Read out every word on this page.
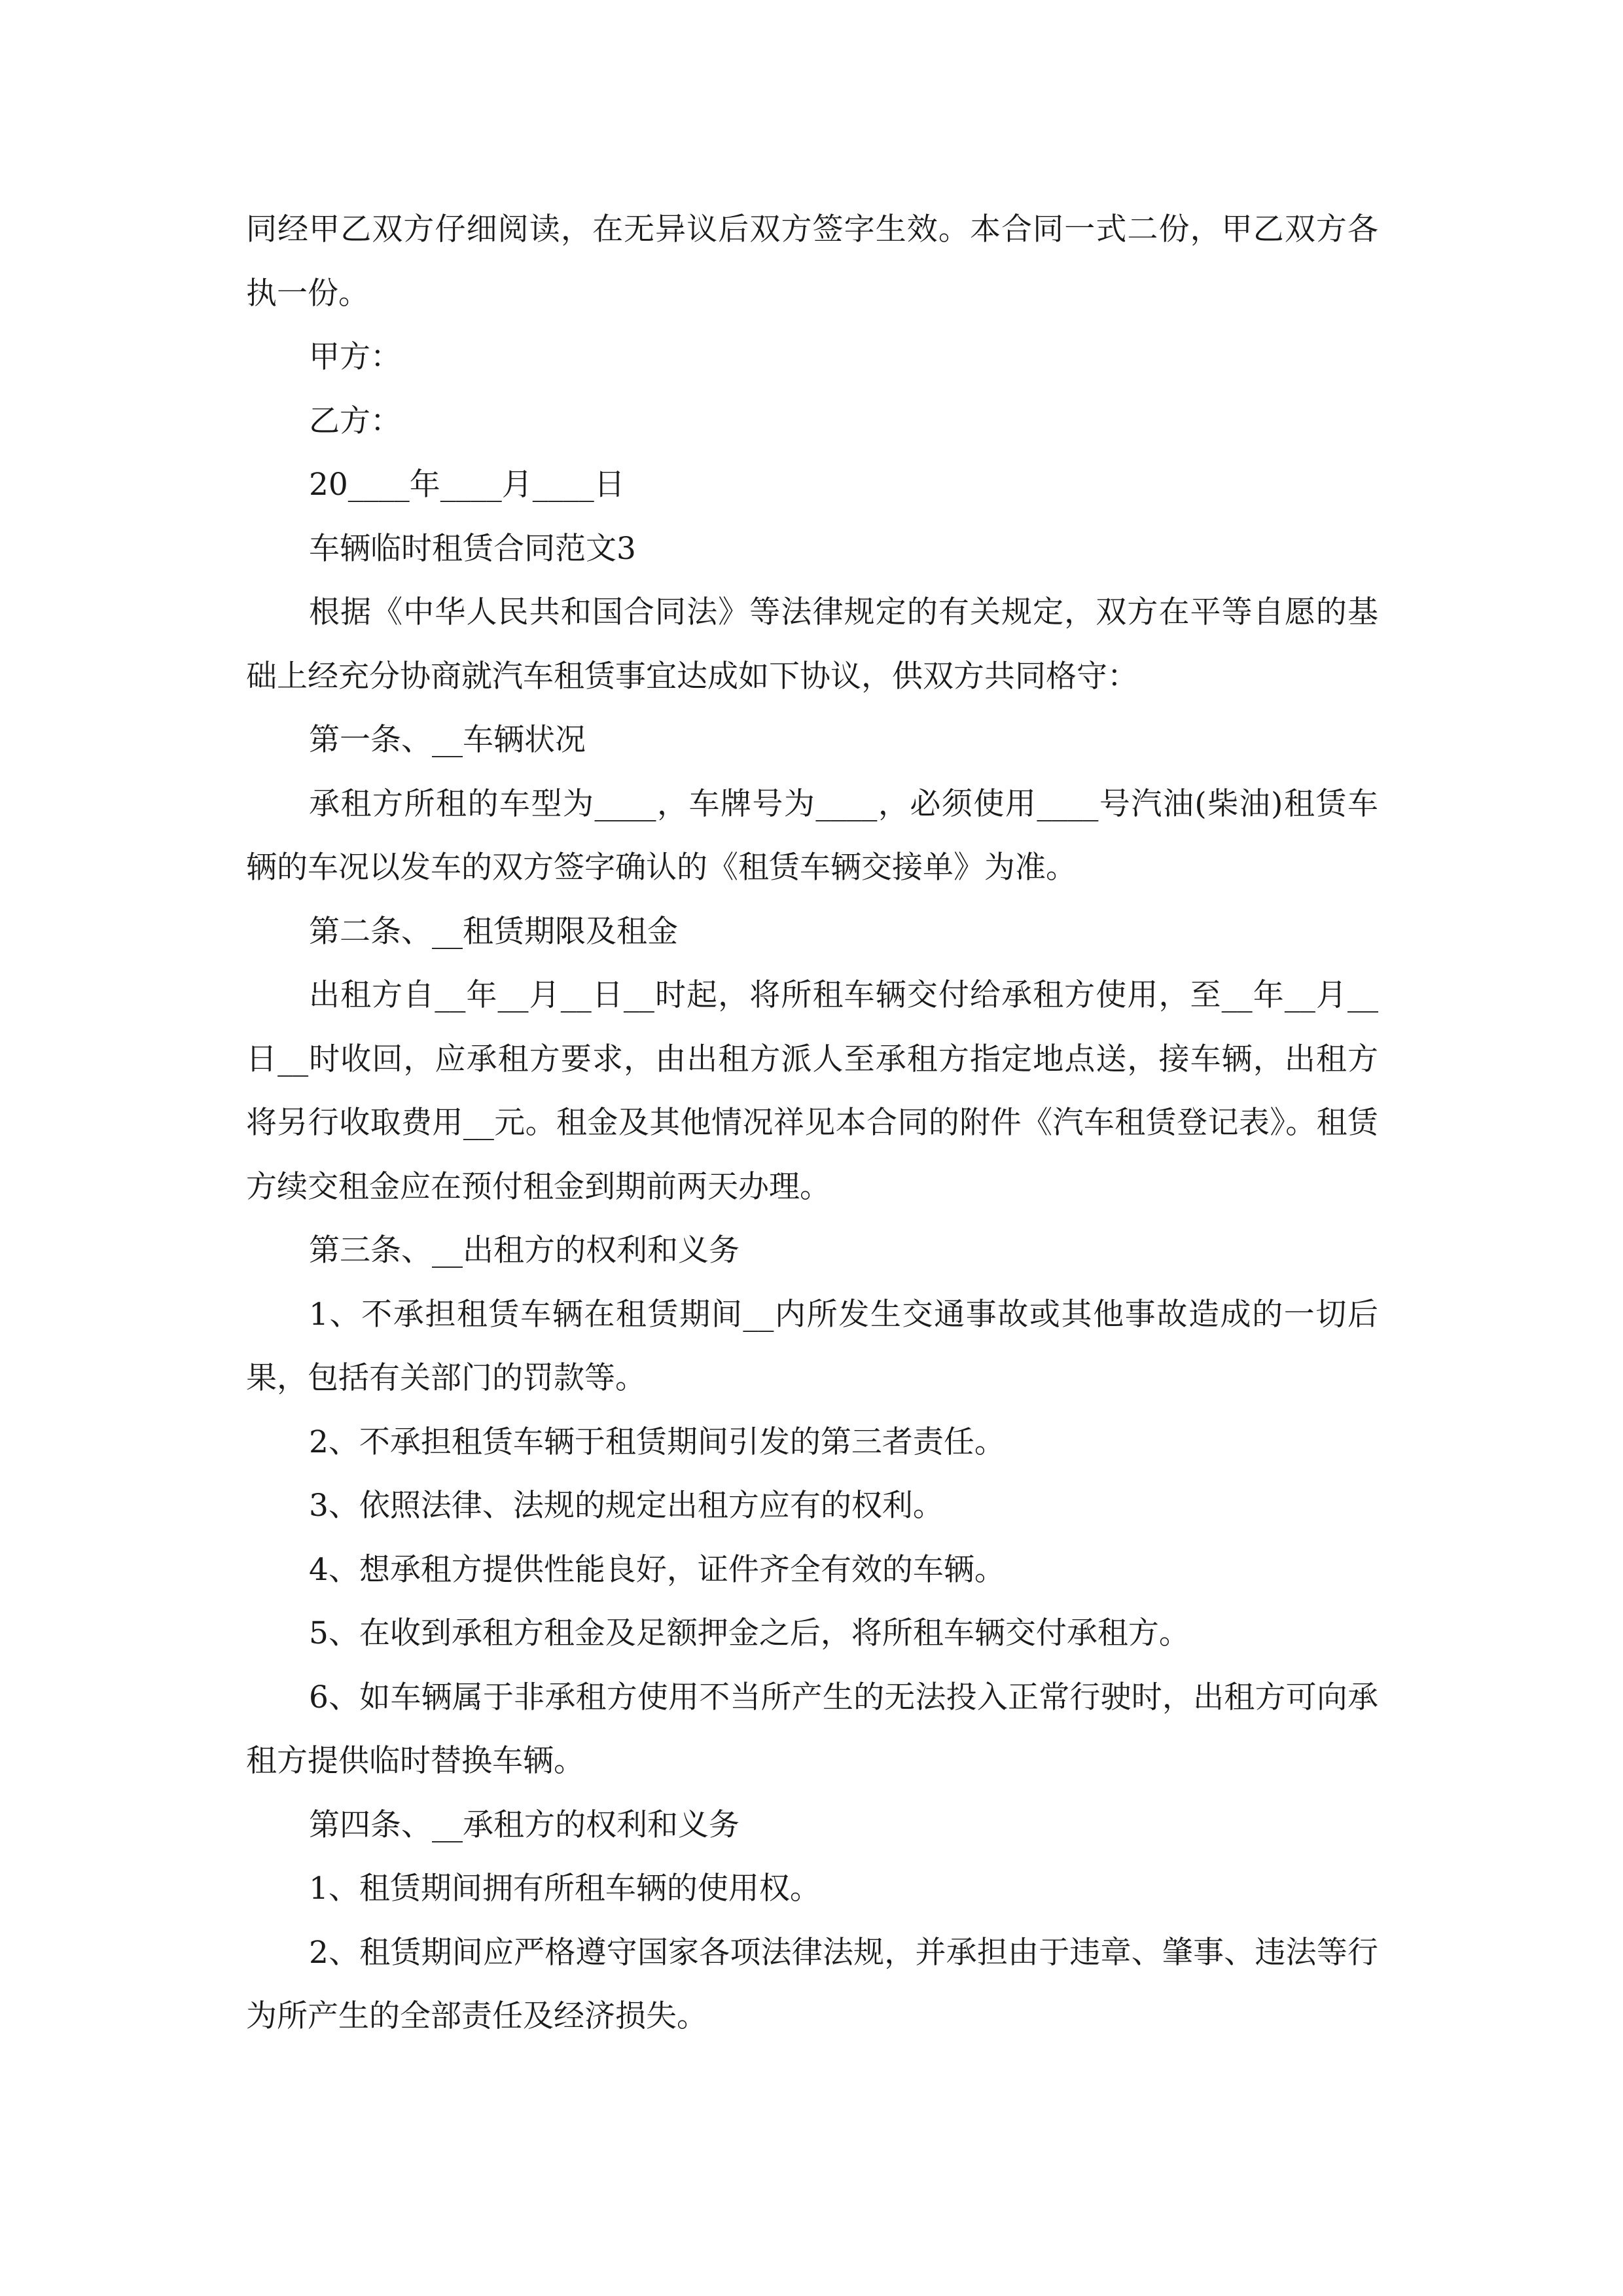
同经甲乙双方仔细阅读，在无异议后双方签字生效。本合同一式二份，甲乙双方各执一份。

甲方：

乙方：

20____年____月____日

车辆临时租赁合同范文3

根据《中华人民共和国合同法》等法律规定的有关规定，双方在平等自愿的基础上经充分协商就汽车租赁事宜达成如下协议，供双方共同格守：

第一条、__车辆状况

承租方所租的车型为____，车牌号为____，必须使用____号汽油(柴油)租赁车辆的车况以发车的双方签字确认的《租赁车辆交接单》为准。

第二条、__租赁期限及租金

出租方自__年__月__日__时起，将所租车辆交付给承租方使用，至__年__月__日__时收回，应承租方要求，由出租方派人至承租方指定地点送，接车辆，出租方将另行收取费用__元。租金及其他情况祥见本合同的附件《汽车租赁登记表》。租赁方续交租金应在预付租金到期前两天办理。

第三条、__出租方的权利和义务

1、不承担租赁车辆在租赁期间__内所发生交通事故或其他事故造成的一切后果，包括有关部门的罚款等。

2、不承担租赁车辆于租赁期间引发的第三者责任。

3、依照法律、法规的规定出租方应有的权利。

4、想承租方提供性能良好，证件齐全有效的车辆。

5、在收到承租方租金及足额押金之后，将所租车辆交付承租方。

6、如车辆属于非承租方使用不当所产生的无法投入正常行驶时，出租方可向承租方提供临时替换车辆。

第四条、__承租方的权利和义务

1、租赁期间拥有所租车辆的使用权。

2、租赁期间应严格遵守国家各项法律法规，并承担由于违章、肇事、违法等行为所产生的全部责任及经济损失。
